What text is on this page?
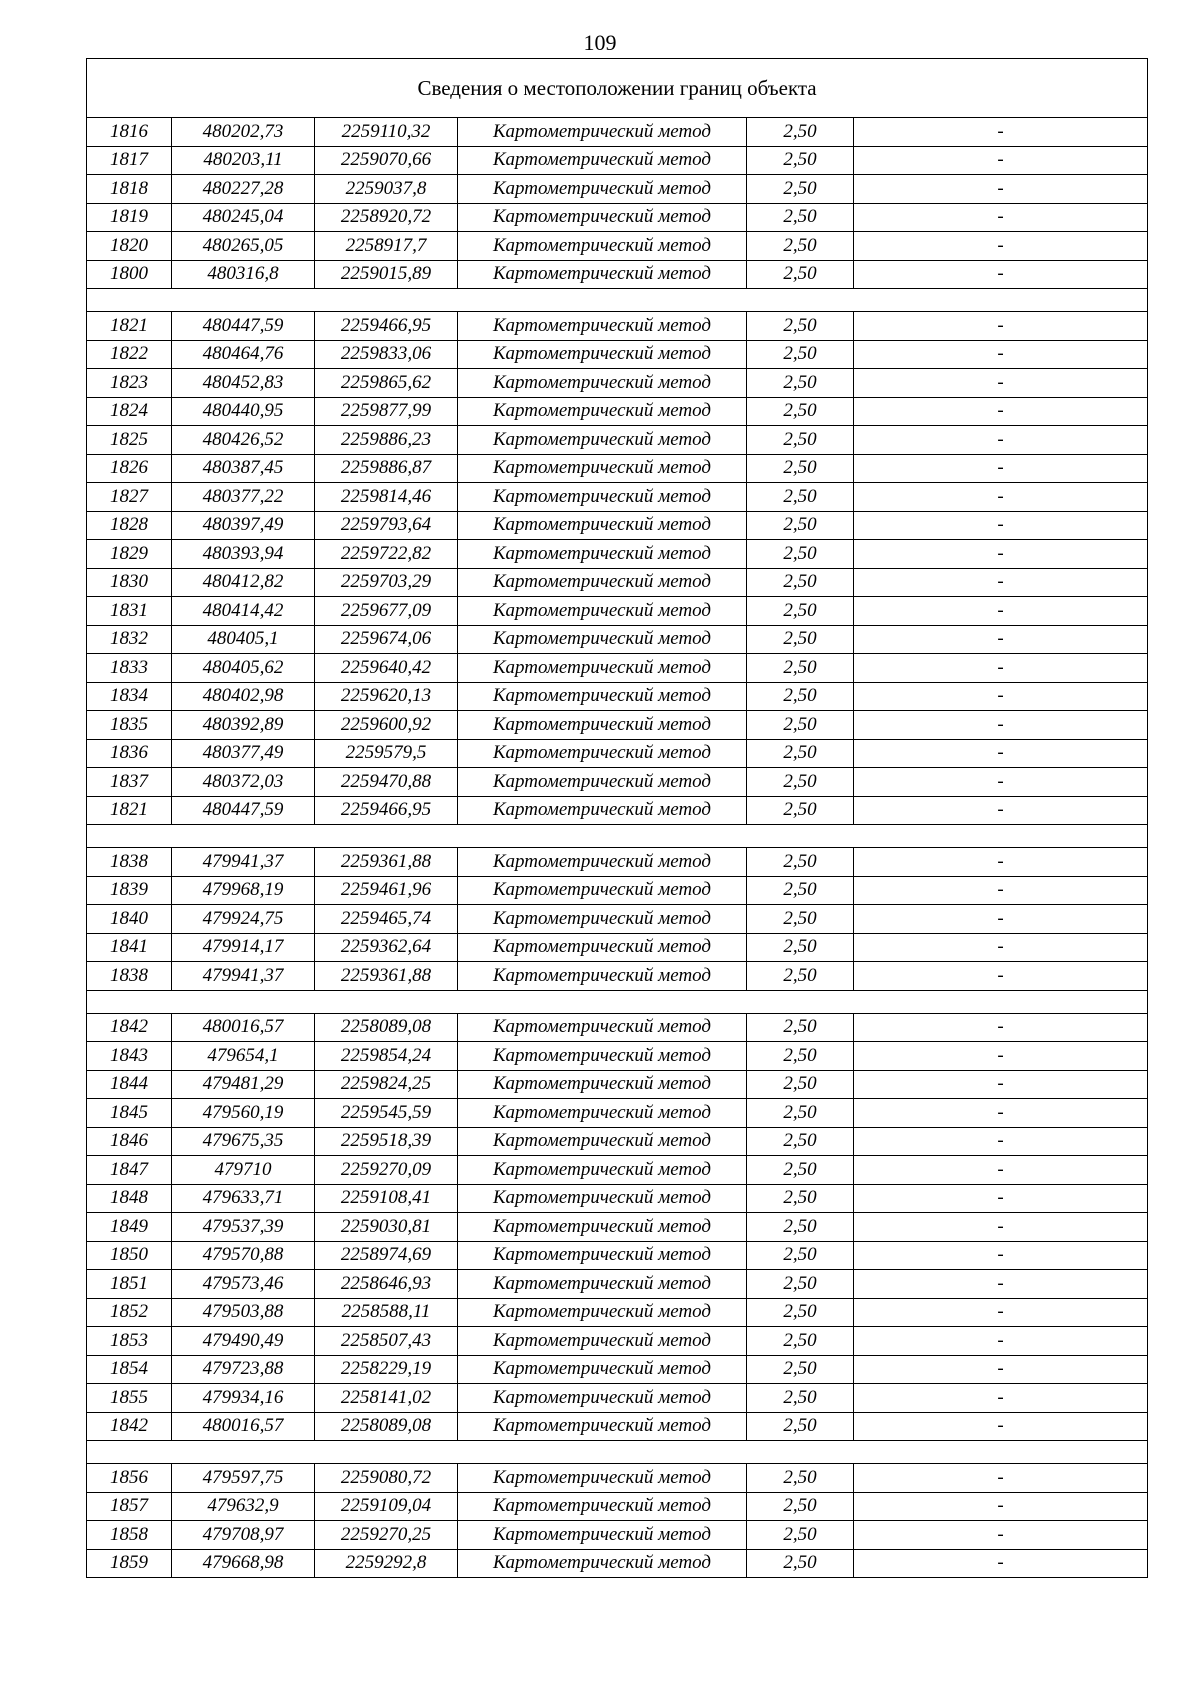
109
Сведения о местоположении границ объекта					
1816	480202,73	2259110,32	Картометрический метод	2,50	-
1817	480203,11	2259070,66	Картометрический метод	2,50	-
1818	480227,28	2259037,8	Картометрический метод	2,50	-
1819	480245,04	2258920,72	Картометрический метод	2,50	-
1820	480265,05	2258917,7	Картометрический метод	2,50	-
1800	480316,8	2259015,89	Картометрический метод	2,50	-

1821	480447,59	2259466,95	Картометрический метод	2,50	-
1822	480464,76	2259833,06	Картометрический метод	2,50	-
1823	480452,83	2259865,62	Картометрический метод	2,50	-
1824	480440,95	2259877,99	Картометрический метод	2,50	-
1825	480426,52	2259886,23	Картометрический метод	2,50	-
1826	480387,45	2259886,87	Картометрический метод	2,50	-
1827	480377,22	2259814,46	Картометрический метод	2,50	-
1828	480397,49	2259793,64	Картометрический метод	2,50	-
1829	480393,94	2259722,82	Картометрический метод	2,50	-
1830	480412,82	2259703,29	Картометрический метод	2,50	-
1831	480414,42	2259677,09	Картометрический метод	2,50	-
1832	480405,1	2259674,06	Картометрический метод	2,50	-
1833	480405,62	2259640,42	Картометрический метод	2,50	-
1834	480402,98	2259620,13	Картометрический метод	2,50	-
1835	480392,89	2259600,92	Картометрический метод	2,50	-
1836	480377,49	2259579,5	Картометрический метод	2,50	-
1837	480372,03	2259470,88	Картометрический метод	2,50	-
1821	480447,59	2259466,95	Картометрический метод	2,50	-

1838	479941,37	2259361,88	Картометрический метод	2,50	-
1839	479968,19	2259461,96	Картометрический метод	2,50	-
1840	479924,75	2259465,74	Картометрический метод	2,50	-
1841	479914,17	2259362,64	Картометрический метод	2,50	-
1838	479941,37	2259361,88	Картометрический метод	2,50	-

1842	480016,57	2258089,08	Картометрический метод	2,50	-
1843	479654,1	2259854,24	Картометрический метод	2,50	-
1844	479481,29	2259824,25	Картометрический метод	2,50	-
1845	479560,19	2259545,59	Картометрический метод	2,50	-
1846	479675,35	2259518,39	Картометрический метод	2,50	-
1847	479710	2259270,09	Картометрический метод	2,50	-
1848	479633,71	2259108,41	Картометрический метод	2,50	-
1849	479537,39	2259030,81	Картометрический метод	2,50	-
1850	479570,88	2258974,69	Картометрический метод	2,50	-
1851	479573,46	2258646,93	Картометрический метод	2,50	-
1852	479503,88	2258588,11	Картометрический метод	2,50	-
1853	479490,49	2258507,43	Картометрический метод	2,50	-
1854	479723,88	2258229,19	Картометрический метод	2,50	-
1855	479934,16	2258141,02	Картометрический метод	2,50	-
1842	480016,57	2258089,08	Картометрический метод	2,50	-

1856	479597,75	2259080,72	Картометрический метод	2,50	-
1857	479632,9	2259109,04	Картометрический метод	2,50	-
1858	479708,97	2259270,25	Картометрический метод	2,50	-
1859	479668,98	2259292,8	Картометрический метод	2,50	-
